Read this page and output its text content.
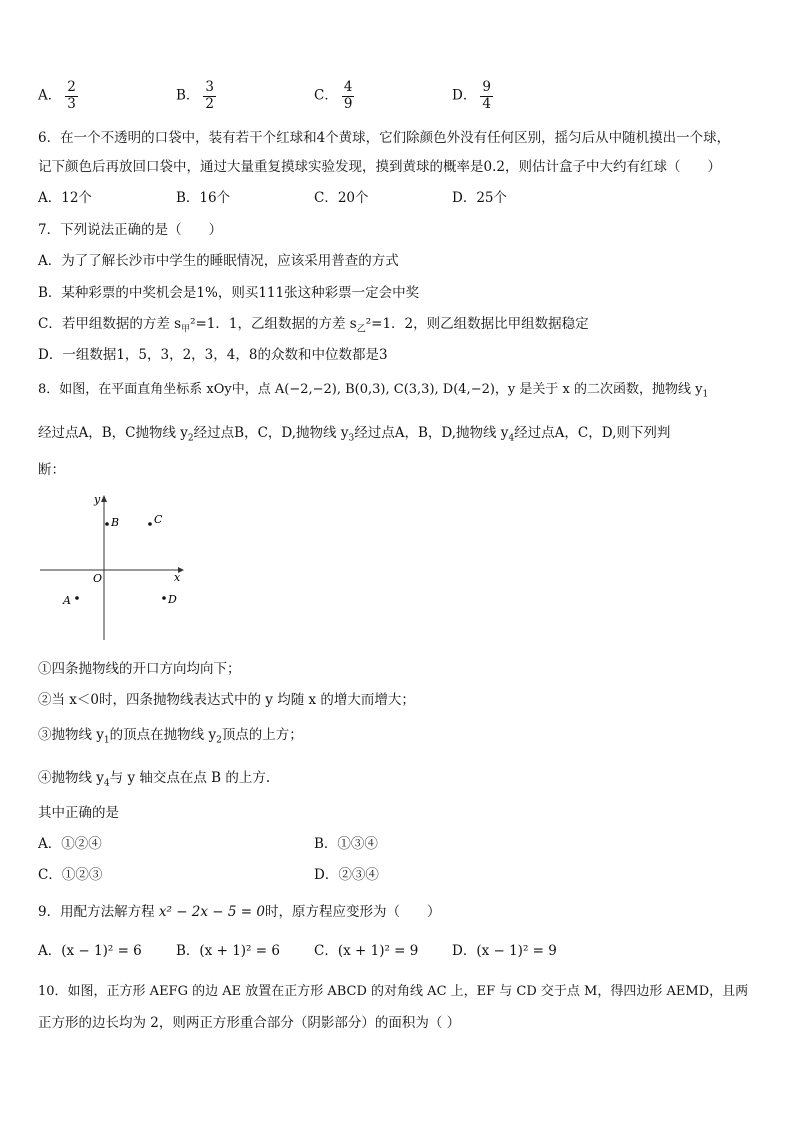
A． $\frac{2}{3}$	B． $\frac{3}{2}$	C． $\frac{4}{9}$	D． $\frac{9}{4}$
6．在一个不透明的口袋中，装有若干个红球和4个黄球，它们除颜色外没有任何区别，摇匀后从中随机摸出一个球，
记下颜色后再放回口袋中，通过大量重复摸球实验发现，摸到黄球的概率是0.2，则估计盒子中大约有红球（　　）
A．12个	B．16个	C．20个	D．25个
7．下列说法正确的是（　　）
A．为了了解长沙市中学生的睡眠情况，应该采用普查的方式
B．某种彩票的中奖机会是1%，则买111张这种彩票一定会中奖
C．若甲组数据的方差 $s_甲^2=1$．1，乙组数据的方差 $s_乙^2=1$．2，则乙组数据比甲组数据稳定
D．一组数据1，5，3，2，3，4，8的众数和中位数都是3
8．如图，在平面直角坐标系 xOy中，点 A(−2,−2), B(0,3), C(3,3), D(4,−2)，y 是关于 x 的二次函数，抛物线 $y_1$
经过点A，B，C抛物线 $y_2$经过点B，C，D,抛物线 $y_3$经过点A，B，D,抛物线 $y_4$经过点A，C，D,则下列判
断：
y
x
O
B	C
A	D
①四条抛物线的开口方向均向下；
②当 x＜0时，四条抛物线表达式中的 y 均随 x 的增大而增大；
③抛物线 $y_1$的顶点在抛物线 $y_2$顶点的上方；
④抛物线 $y_4$与 y 轴交点在点 B 的上方.
其中正确的是
A．①②④	B．①③④
C．①②③	D．②③④
9．用配方法解方程 x² − 2x − 5 = 0时，原方程应变形为（　　）
A．(x − 1)² = 6	B．(x + 1)² = 6	C．(x + 1)² = 9 D．(x − 1)² = 9
10．如图，正方形 AEFG 的边 AE 放置在正方形 ABCD 的对角线 AC 上，EF 与 CD 交于点 M，得四边形 AEMD，且两
正方形的边长均为 2，则两正方形重合部分（阴影部分）的面积为（ ）
